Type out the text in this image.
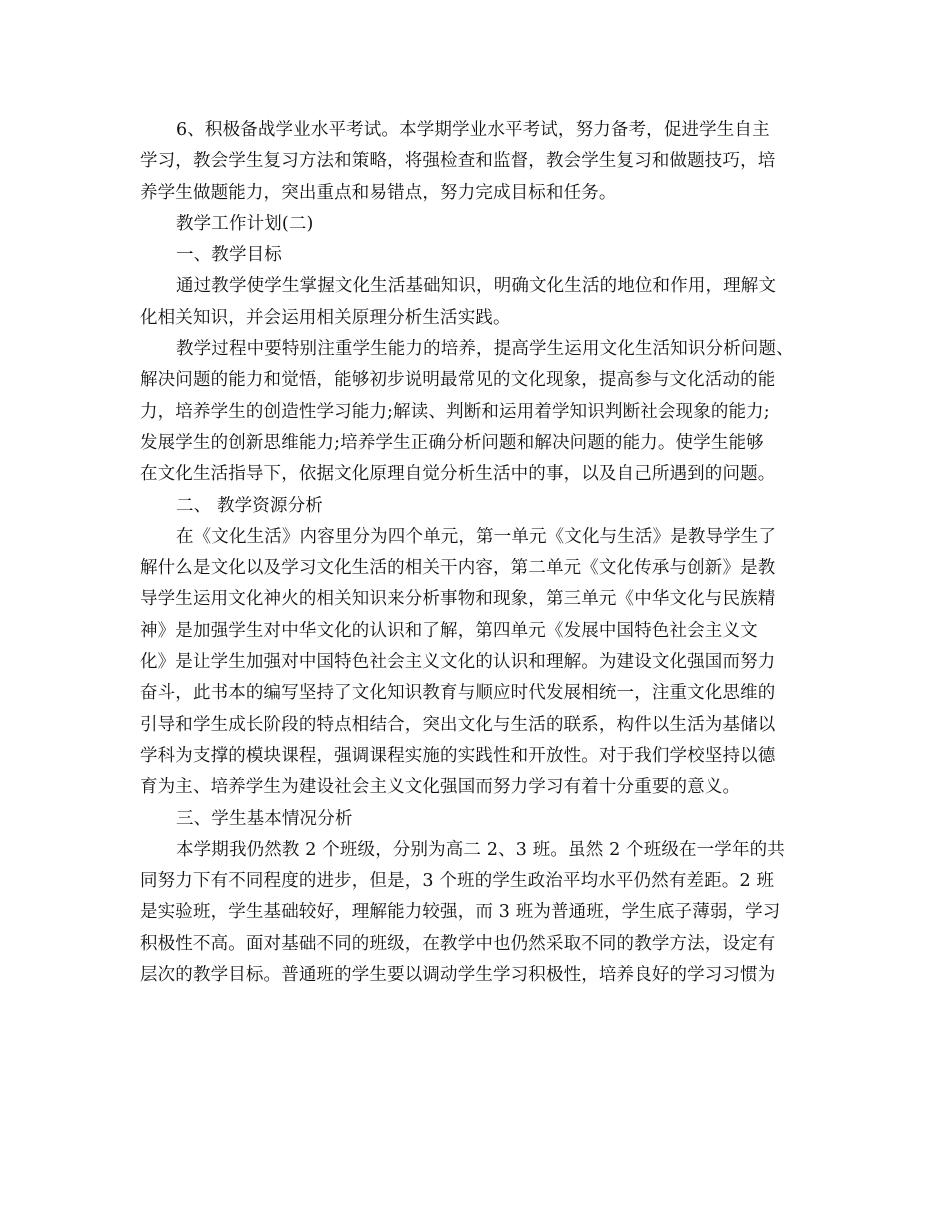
6、积极备战学业水平考试。本学期学业水平考试，努力备考，促进学生自主
学习，教会学生复习方法和策略，将强检查和监督，教会学生复习和做题技巧，培
养学生做题能力，突出重点和易错点，努力完成目标和任务。
教学工作计划(二)
一、教学目标
通过教学使学生掌握文化生活基础知识，明确文化生活的地位和作用，理解文
化相关知识，并会运用相关原理分析生活实践。
教学过程中要特别注重学生能力的培养，提高学生运用文化生活知识分析问题、
解决问题的能力和觉悟，能够初步说明最常见的文化现象，提高参与文化活动的能
力，培养学生的创造性学习能力;解读、判断和运用着学知识判断社会现象的能力;
发展学生的创新思维能力;培养学生正确分析问题和解决问题的能力。使学生能够
在文化生活指导下，依据文化原理自觉分析生活中的事，以及自己所遇到的问题。
二、 教学资源分析
在《文化生活》内容里分为四个单元，第一单元《文化与生活》是教导学生了
解什么是文化以及学习文化生活的相关干内容，第二单元《文化传承与创新》是教
导学生运用文化神火的相关知识来分析事物和现象，第三单元《中华文化与民族精
神》是加强学生对中华文化的认识和了解，第四单元《发展中国特色社会主义文
化》是让学生加强对中国特色社会主义文化的认识和理解。为建设文化强国而努力
奋斗，此书本的编写坚持了文化知识教育与顺应时代发展相统一，注重文化思维的
引导和学生成长阶段的特点相结合，突出文化与生活的联系，构件以生活为基储以
学科为支撑的模块课程，强调课程实施的实践性和开放性。对于我们学校坚持以德
育为主、培养学生为建设社会主义文化强国而努力学习有着十分重要的意义。
三、学生基本情况分析
本学期我仍然教 2 个班级，分别为高二 2、3 班。虽然 2 个班级在一学年的共
同努力下有不同程度的进步，但是，3 个班的学生政治平均水平仍然有差距。2 班
是实验班，学生基础较好，理解能力较强，而 3 班为普通班，学生底子薄弱，学习
积极性不高。面对基础不同的班级，在教学中也仍然采取不同的教学方法，设定有
层次的教学目标。普通班的学生要以调动学生学习积极性，培养良好的学习习惯为
